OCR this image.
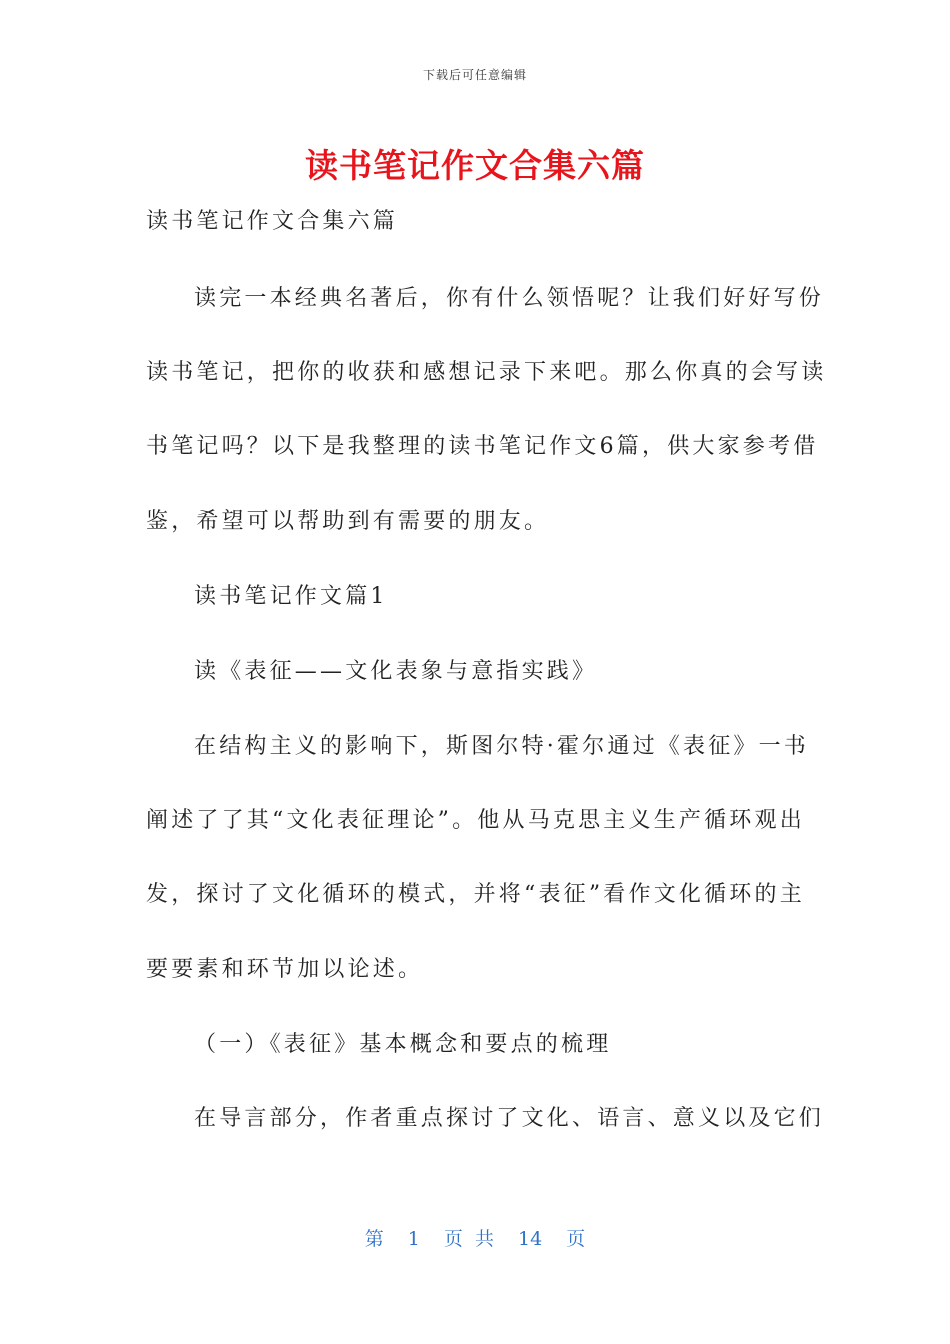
下载后可任意编辑
读书笔记作文合集六篇
读书笔记作文合集六篇
读完一本经典名著后，你有什么领悟呢？让我们好好写份
读书笔记，把你的收获和感想记录下来吧。那么你真的会写读
书笔记吗？以下是我整理的读书笔记作文6篇，供大家参考借
鉴，希望可以帮助到有需要的朋友。
读书笔记作文篇1
读《表征——文化表象与意指实践》
在结构主义的影响下，斯图尔特·霍尔通过《表征》一书
阐述了了其“文化表征理论”。他从马克思主义生产循环观出
发，探讨了文化循环的模式，并将“表征”看作文化循环的主
要要素和环节加以论述。
（一）《表征》基本概念和要点的梳理
在导言部分，作者重点探讨了文化、语言、意义以及它们
第 1 页 共 14 页
